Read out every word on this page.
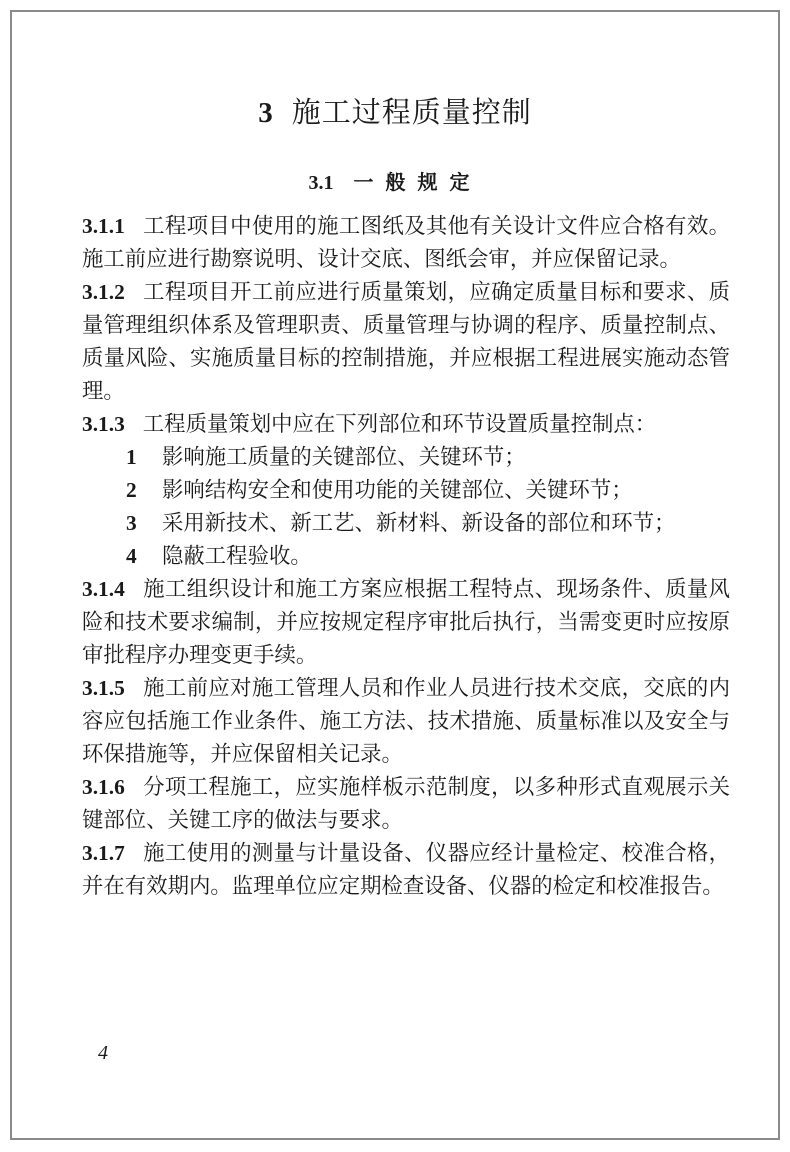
3 施工过程质量控制
3.1 一般规定

3.1.1 工程项目中使用的施工图纸及其他有关设计文件应合格有效。施工前应进行勘察说明、设计交底、图纸会审，并应保留记录。

3.1.2 工程项目开工前应进行质量策划，应确定质量目标和要求、质量管理组织体系及管理职责、质量管理与协调的程序、质量控制点、质量风险、实施质量目标的控制措施，并应根据工程进展实施动态管理。

3.1.3 工程质量策划中应在下列部位和环节设置质量控制点：

1 影响施工质量的关键部位、关键环节；

2 影响结构安全和使用功能的关键部位、关键环节；

3 采用新技术、新工艺、新材料、新设备的部位和环节；

4 隐蔽工程验收。

3.1.4 施工组织设计和施工方案应根据工程特点、现场条件、质量风险和技术要求编制，并应按规定程序审批后执行，当需变更时应按原审批程序办理变更手续。

3.1.5 施工前应对施工管理人员和作业人员进行技术交底，交底的内容应包括施工作业条件、施工方法、技术措施、质量标准以及安全与环保措施等，并应保留相关记录。

3.1.6 分项工程施工，应实施样板示范制度，以多种形式直观展示关键部位、关键工序的做法与要求。

3.1.7 施工使用的测量与计量设备、仪器应经计量检定、校准合格，并在有效期内。监理单位应定期检查设备、仪器的检定和校准报告。

4
